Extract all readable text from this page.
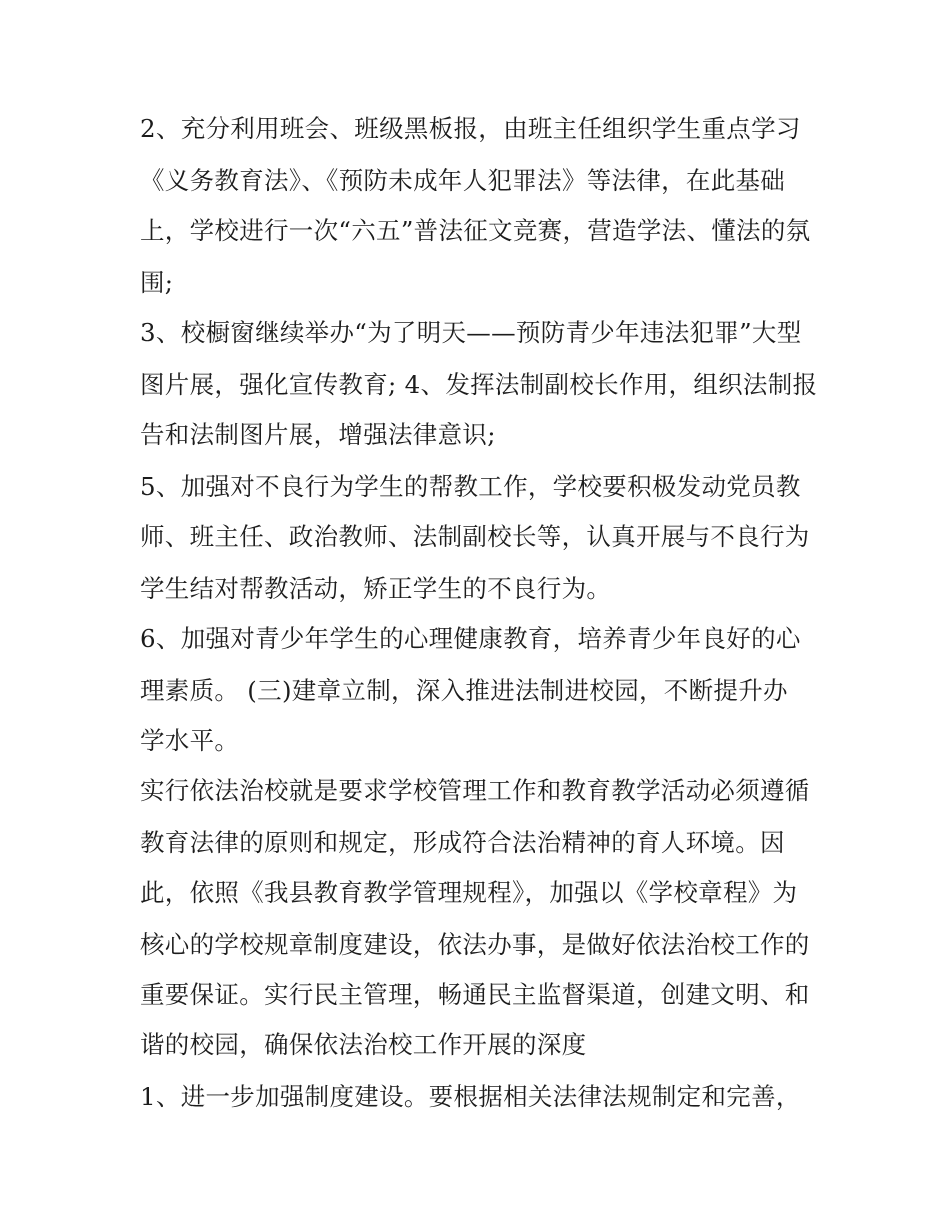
2、充分利用班会、班级黑板报，由班主任组织学生重点学习
《义务教育法》、《预防未成年人犯罪法》等法律，在此基础
上，学校进行一次“六五”普法征文竞赛，营造学法、懂法的氛
围;
3、校橱窗继续举办“为了明天——预防青少年违法犯罪”大型
图片展，强化宣传教育; 4、发挥法制副校长作用，组织法制报
告和法制图片展，增强法律意识;
5、加强对不良行为学生的帮教工作，学校要积极发动党员教
师、班主任、政治教师、法制副校长等，认真开展与不良行为
学生结对帮教活动，矫正学生的不良行为。
6、加强对青少年学生的心理健康教育，培养青少年良好的心
理素质。 (三)建章立制，深入推进法制进校园，不断提升办
学水平。
实行依法治校就是要求学校管理工作和教育教学活动必须遵循
教育法律的原则和规定，形成符合法治精神的育人环境。因
此，依照《我县教育教学管理规程》，加强以《学校章程》为
核心的学校规章制度建设，依法办事，是做好依法治校工作的
重要保证。实行民主管理，畅通民主监督渠道，创建文明、和
谐的校园，确保依法治校工作开展的深度
1、进一步加强制度建设。要根据相关法律法规制定和完善，
